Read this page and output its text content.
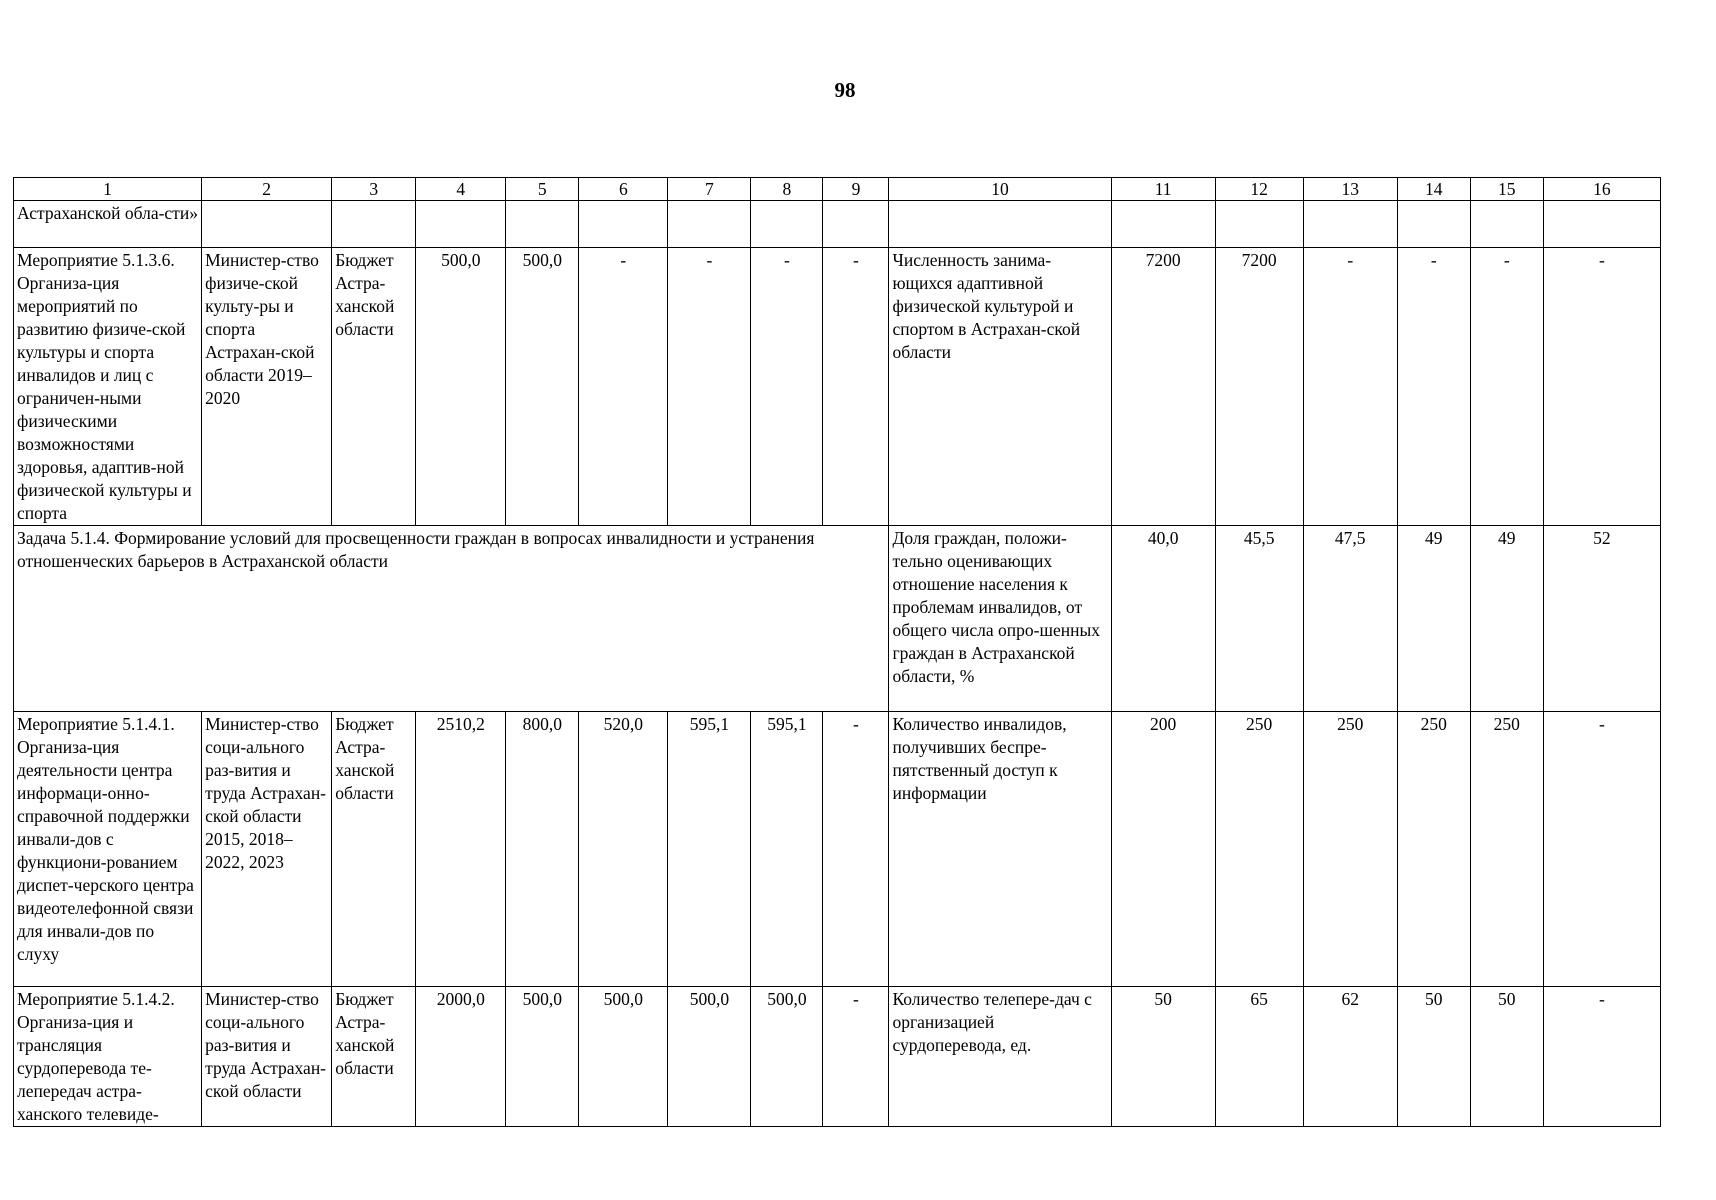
98
1	2	3	4	5	6	7	8	9	10	11	12	13	14	15	16
Астраханской обла-сти»															
Мероприятие 5.1.3.6. Организа-ция мероприятий по развитию физиче-ской культуры и спорта инвалидов и лиц с ограничен-ными физическими возможностями здоровья, адаптив-ной физической культуры и спорта	Министер-ство физиче-ской культу-ры и спорта Астрахан-ской области 2019–2020	Бюджет Астра-ханской области	500,0	500,0	-	-	-	-	Численность занима-ющихся адаптивной физической культурой и спортом в Астрахан-ской области	7200	7200	-	-	-	-
Задача 5.1.4. Формирование условий для просвещенности граждан в вопросах инвалидности и устранения отношенческих барьеров в Астраханской области									Доля граждан, положи-тельно оценивающих отношение населения к проблемам инвалидов, от общего числа опро-шенных граждан в Астраханской области, %	40,0	45,5	47,5	49	49	52
Мероприятие 5.1.4.1. Организа-ция деятельности центра информаци-онно-справочной поддержки инвали-дов с функциони-рованием диспет-черского центра видеотелефонной связи для инвали-дов по слуху	Министер-ство соци-ального раз-вития и труда Астрахан-ской области 2015, 2018–2022, 2023	Бюджет Астра-ханской области	2510,2	800,0	520,0	595,1	595,1	-	Количество инвалидов, получивших беспре-пятственный доступ к информации	200	250	250	250	250	-
Мероприятие 5.1.4.2. Организа-ция и трансляция сурдоперевода те-лепередач астра-ханского телевиде-	Министер-ство соци-ального раз-вития и труда Астрахан-ской области	Бюджет Астра-ханской области	2000,0	500,0	500,0	500,0	500,0	-	Количество телепере-дач с организацией сурдоперевода, ед.	50	65	62	50	50	-
